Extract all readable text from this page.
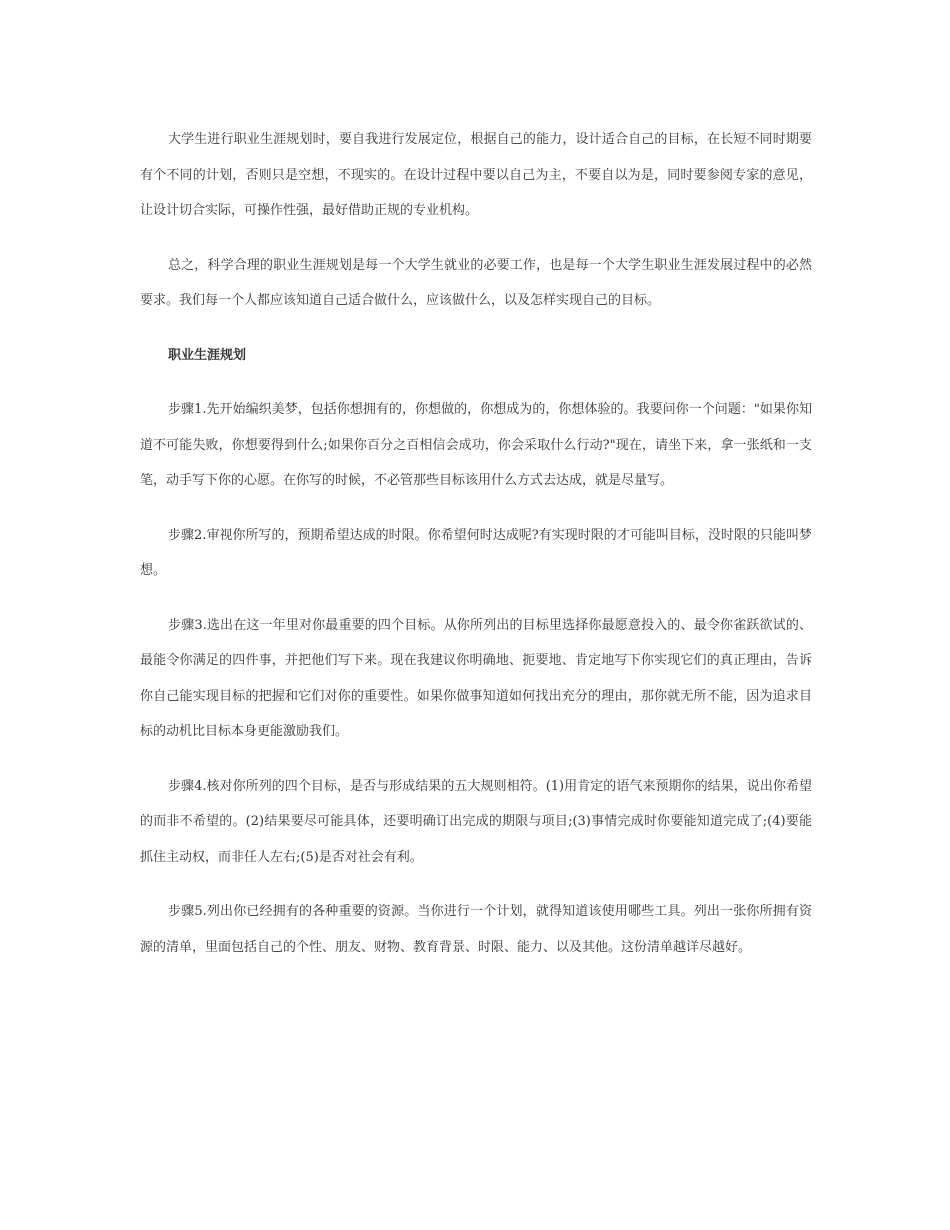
大学生进行职业生涯规划时，要自我进行发展定位，根据自己的能力，设计适合自己的目标，在长短不同时期要有个不同的计划，否则只是空想，不现实的。在设计过程中要以自己为主，不要自以为是，同时要参阅专家的意见，让设计切合实际，可操作性强，最好借助正规的专业机构。

总之，科学合理的职业生涯规划是每一个大学生就业的必要工作，也是每一个大学生职业生涯发展过程中的必然要求。我们每一个人都应该知道自己适合做什么，应该做什么，以及怎样实现自己的目标。

职业生涯规划

步骤1.先开始编织美梦，包括你想拥有的，你想做的，你想成为的，你想体验的。我要问你一个问题："如果你知道不可能失败，你想要得到什么;如果你百分之百相信会成功，你会采取什么行动?"现在，请坐下来，拿一张纸和一支笔，动手写下你的心愿。在你写的时候，不必管那些目标该用什么方式去达成，就是尽量写。

步骤2.审视你所写的，预期希望达成的时限。你希望何时达成呢?有实现时限的才可能叫目标，没时限的只能叫梦想。

步骤3.选出在这一年里对你最重要的四个目标。从你所列出的目标里选择你最愿意投入的、最令你雀跃欲试的、最能令你满足的四件事，并把他们写下来。现在我建议你明确地、扼要地、肯定地写下你实现它们的真正理由，告诉你自己能实现目标的把握和它们对你的重要性。如果你做事知道如何找出充分的理由，那你就无所不能，因为追求目标的动机比目标本身更能激励我们。

步骤4.核对你所列的四个目标，是否与形成结果的五大规则相符。(1)用肯定的语气来预期你的结果，说出你希望的而非不希望的。(2)结果要尽可能具体，还要明确订出完成的期限与项目;(3)事情完成时你要能知道完成了;(4)要能抓住主动权，而非任人左右;(5)是否对社会有利。

步骤5.列出你已经拥有的各种重要的资源。当你进行一个计划，就得知道该使用哪些工具。列出一张你所拥有资源的清单，里面包括自己的个性、朋友、财物、教育背景、时限、能力、以及其他。这份清单越详尽越好。
